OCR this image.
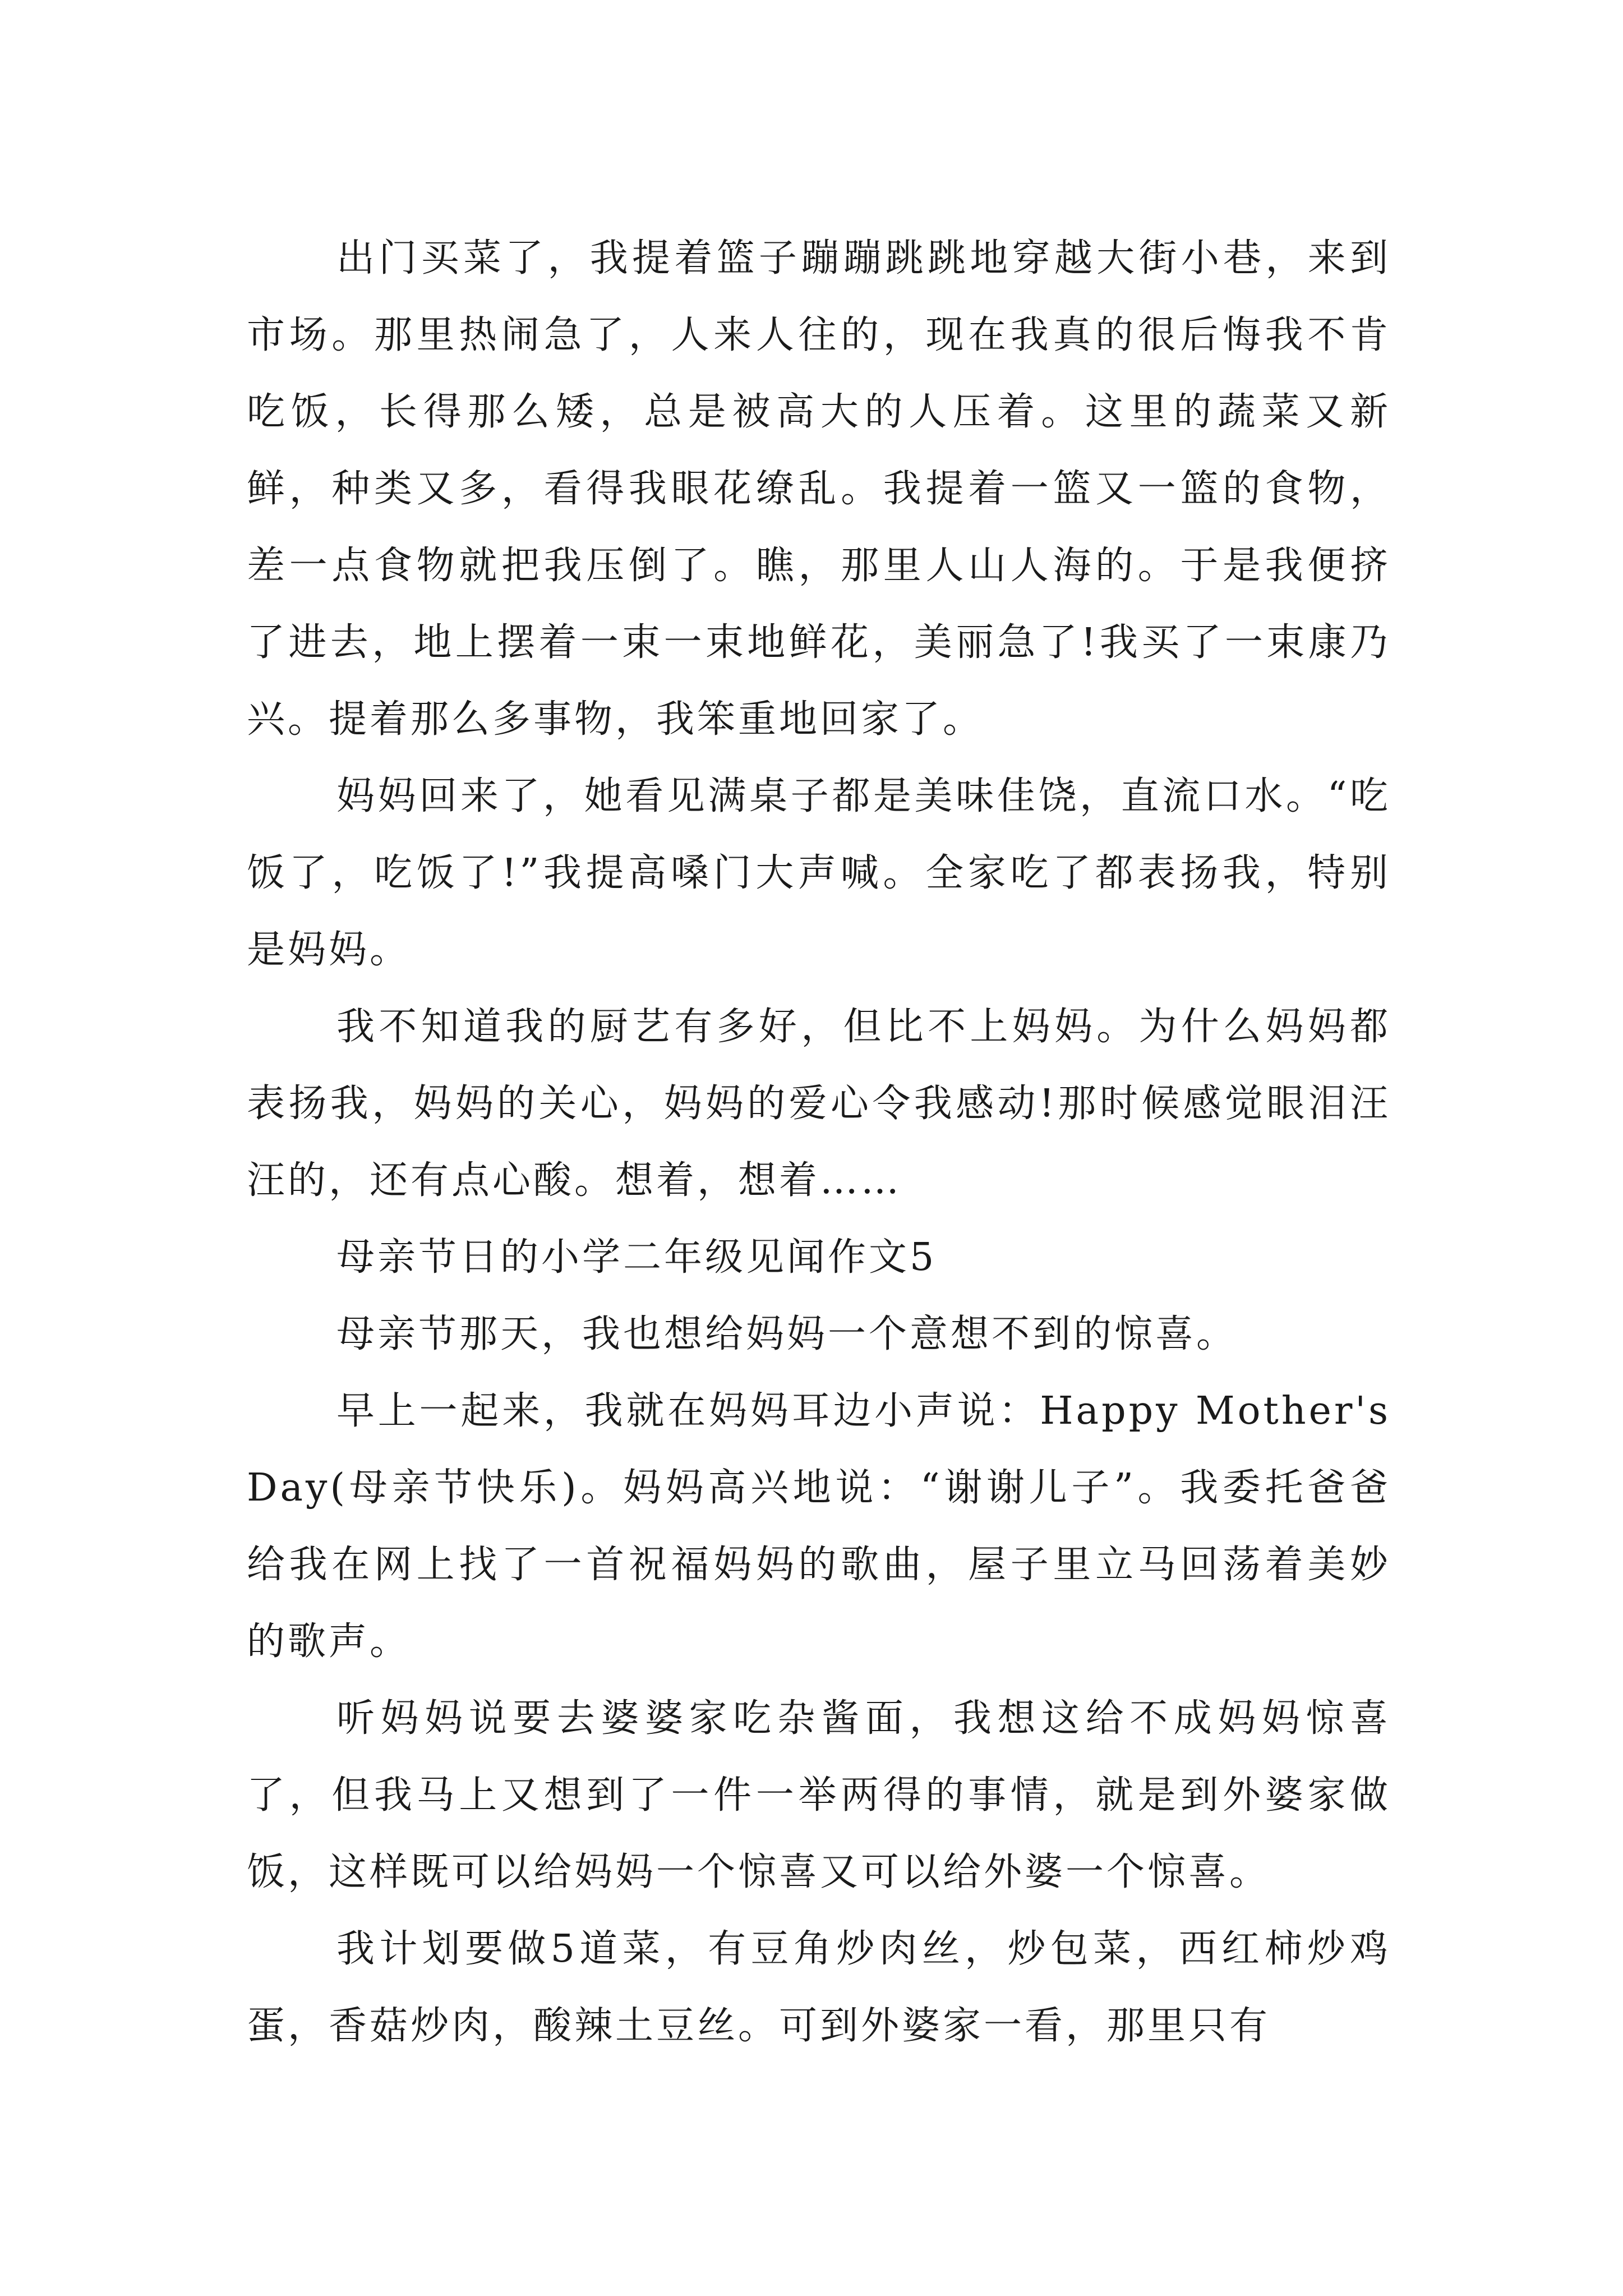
出门买菜了，我提着篮子蹦蹦跳跳地穿越大街小巷，来到市场。那里热闹急了，人来人往的，现在我真的很后悔我不肯吃饭，长得那么矮，总是被高大的人压着。这里的蔬菜又新鲜，种类又多，看得我眼花缭乱。我提着一篮又一篮的食物，差一点食物就把我压倒了。瞧，那里人山人海的。于是我便挤了进去，地上摆着一束一束地鲜花，美丽急了!我买了一束康乃兴。提着那么多事物，我笨重地回家了。

妈妈回来了，她看见满桌子都是美味佳饶，直流口水。“吃饭了，吃饭了!”我提高嗓门大声喊。全家吃了都表扬我，特别是妈妈。

我不知道我的厨艺有多好，但比不上妈妈。为什么妈妈都表扬我，妈妈的关心，妈妈的爱心令我感动!那时候感觉眼泪汪汪的，还有点心酸。想着，想着……

母亲节日的小学二年级见闻作文5

母亲节那天，我也想给妈妈一个意想不到的惊喜。

早上一起来，我就在妈妈耳边小声说：Happy Mother's Day(母亲节快乐)。妈妈高兴地说：“谢谢儿子”。我委托爸爸给我在网上找了一首祝福妈妈的歌曲，屋子里立马回荡着美妙的歌声。

听妈妈说要去婆婆家吃杂酱面，我想这给不成妈妈惊喜了，但我马上又想到了一件一举两得的事情，就是到外婆家做饭，这样既可以给妈妈一个惊喜又可以给外婆一个惊喜。

我计划要做5道菜，有豆角炒肉丝，炒包菜，西红柿炒鸡蛋，香菇炒肉，酸辣土豆丝。可到外婆家一看，那里只有
